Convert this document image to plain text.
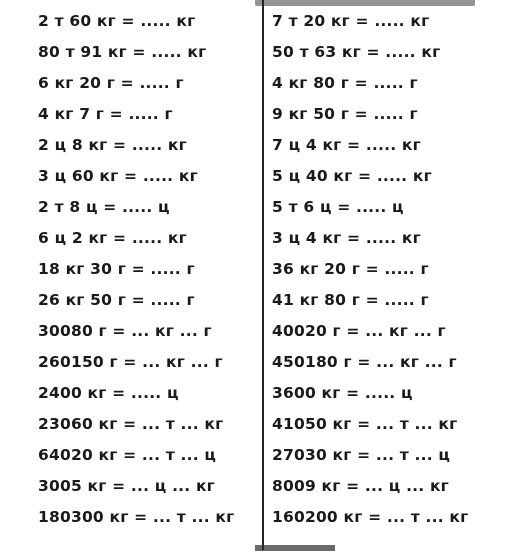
2 т 60 кг = ..... кг
80 т 91 кг = ..... кг
6 кг 20 г = ..... г
4 кг 7 г = ..... г
2 ц 8 кг = ..... кг
3 ц 60 кг = ..... кг
2 т 8 ц = ..... ц
6 ц 2 кг = ..... кг
18 кг 30 г = ..... г
26 кг 50 г = ..... г
30080 г = ... кг ... г
260150 г = ... кг ... г
2400 кг = ..... ц
23060 кг = ... т ... кг
64020 кг = ... т ... ц
3005 кг = ... ц ... кг
180300 кг = ... т ... кг
7 т 20 кг = ..... кг
50 т 63 кг = ..... кг
4 кг 80 г = ..... г
9 кг 50 г = ..... г
7 ц 4 кг = ..... кг
5 ц 40 кг = ..... кг
5 т 6 ц = ..... ц
3 ц 4 кг = ..... кг
36 кг 20 г = ..... г
41 кг 80 г = ..... г
40020 г = ... кг ... г
450180 г = ... кг ... г
3600 кг = ..... ц
41050 кг = ... т ... кг
27030 кг = ... т ... ц
8009 кг = ... ц ... кг
160200 кг = ... т ... кг
